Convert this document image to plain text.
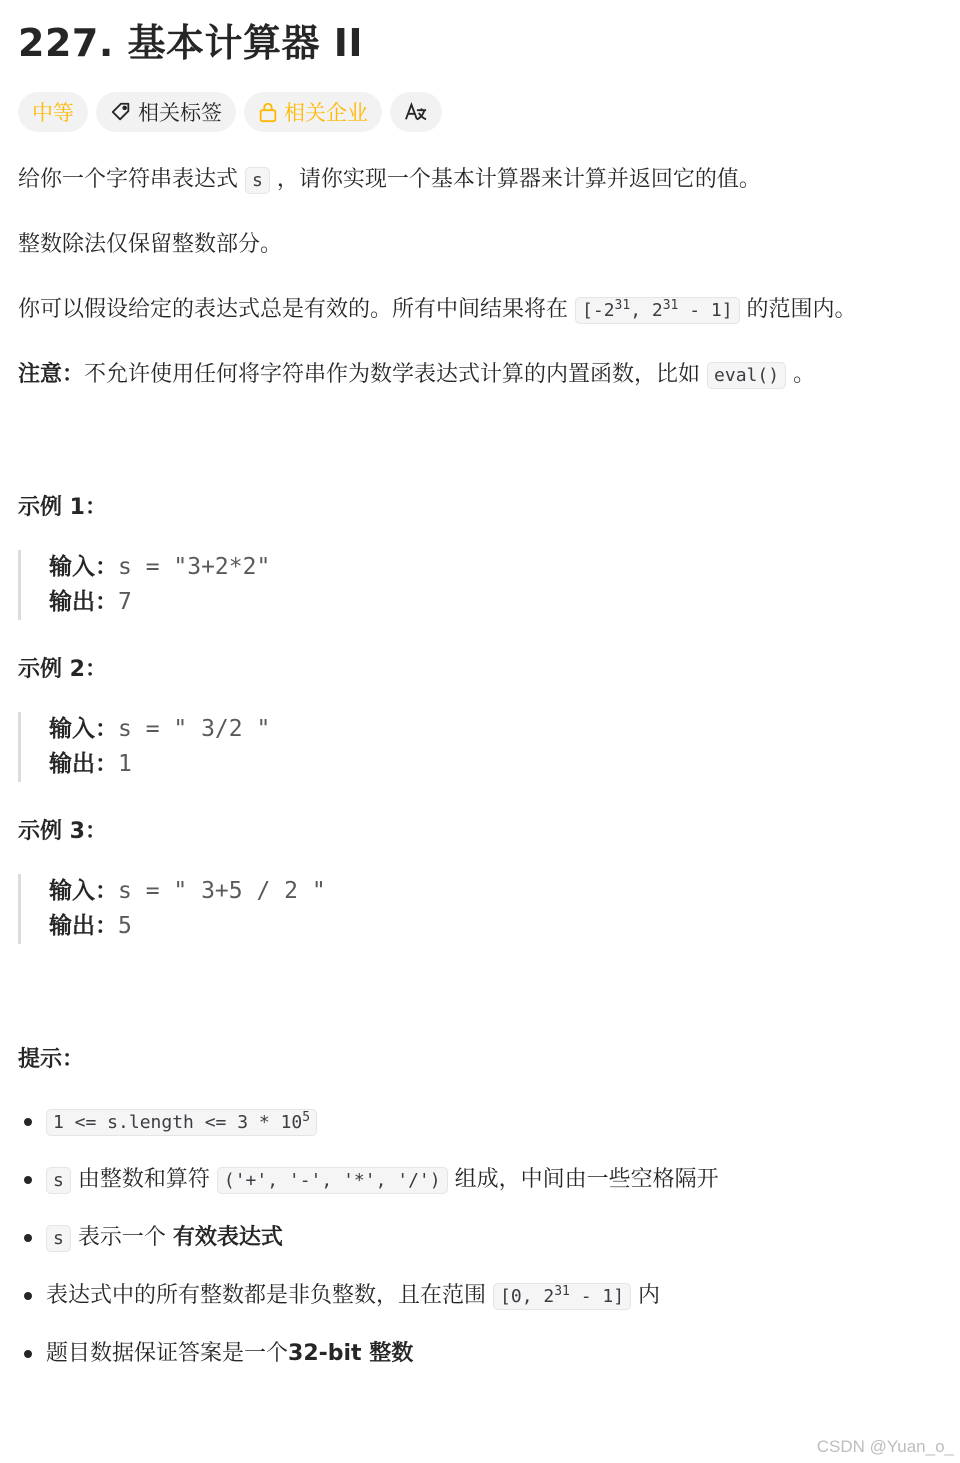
227. 基本计算器 II
中等	相关标签	相关企业
给你一个字符串表达式 s ，请你实现一个基本计算器来计算并返回它的值。
整数除法仅保留整数部分。
你可以假设给定的表达式总是有效的。所有中间结果将在 [$-2^{31}$, $2^{31} - 1$] 的范围内。
注意：不允许使用任何将字符串作为数学表达式计算的内置函数，比如 eval() 。
示例 1：
输入：s = "3+2*2"
输出：7
示例 2：
输入：s = " 3/2 "
输出：1
示例 3：
输入：s = " 3+5 / 2 "
输出：5
提示：
1 <= s.length <= $3 * 10^5$
s 由整数和算符 ('+', '-', '*', '/') 组成，中间由一些空格隔开
s 表示一个 有效表达式
表达式中的所有整数都是非负整数，且在范围 [0, $2^{31} - 1$] 内
题目数据保证答案是一个32-bit 整数
CSDN @Yuan_o_
